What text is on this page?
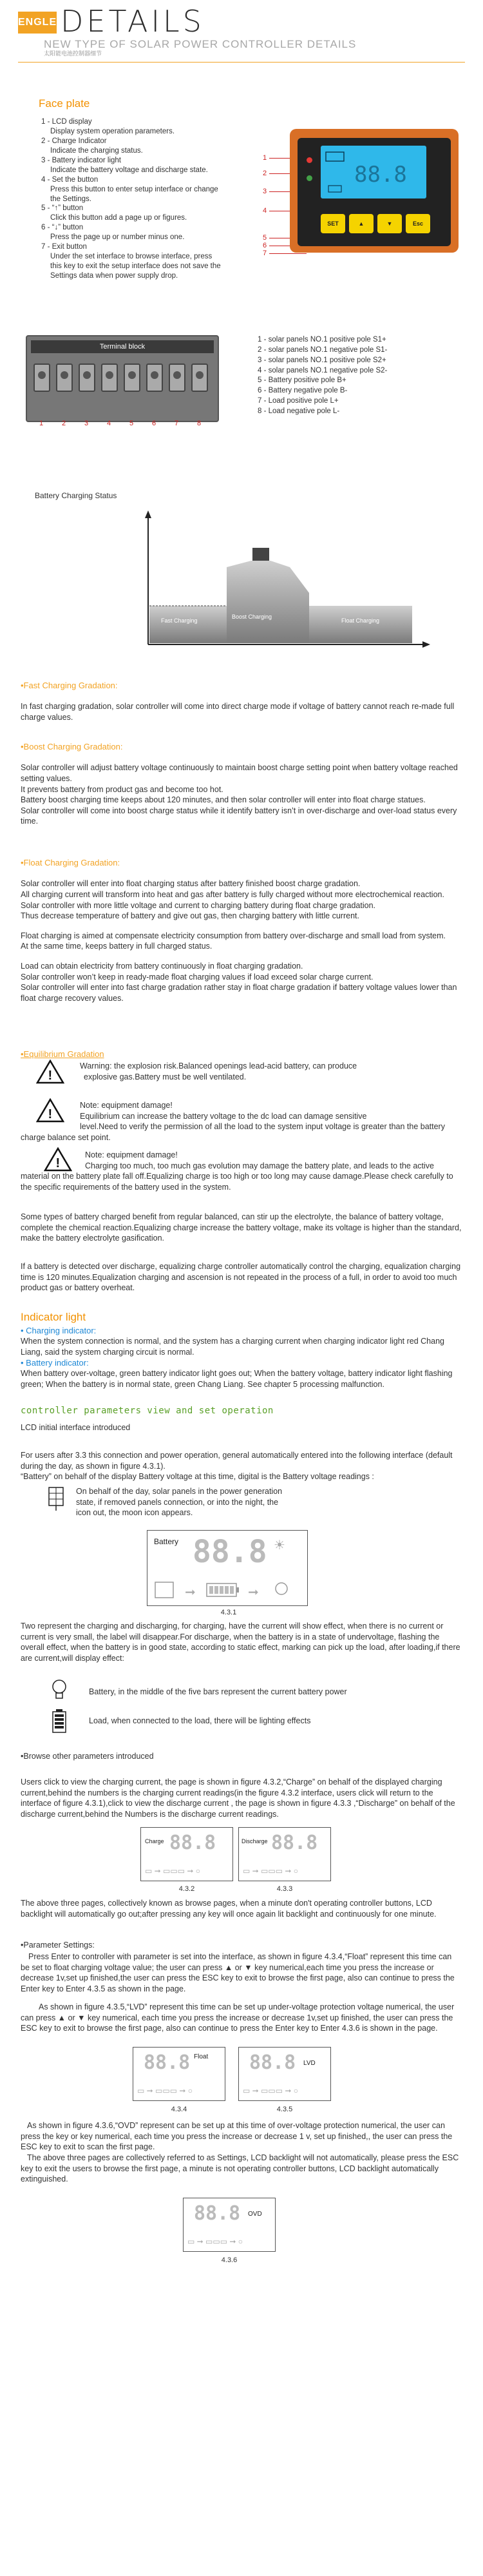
ENGLE DETAILS
NEW TYPE OF SOLAR POWER CONTROLLER DETAILS
太阳能电池控制器细节
Face plate

1 - LCD display

Display system operation parameters.

2 - Charge Indicator

Indicate the charging status.

3 - Battery indicator light

Indicate the battery voltage and discharge state.

4 - Set the button

Press this button to enter setup interface or change

the Settings.

5 - “↑” button

Click this button add a page up or figures.

6 - “↓” button

Press the page up or number minus one.

7 - Exit button

Under the set interface to browse interface, press

this key to exit the setup interface does not save the

Settings data when power supply drop.

1
2
3
4
5
6
7
88.8
SET	▲	▼	Esc
Terminal block
1	2	3	4	5	6	7	8

1 - solar panels NO.1 positive pole S1+

2 - solar panels NO.1 negative pole S1-

3 - solar panels NO.1 positive pole S2+

4 - solar panels NO.1 negative pole S2-

5 - Battery positive pole B+

6 - Battery negative pole B-

7 - Load positive pole L+

8 - Load negative pole L-

Battery Charging Status
Fast Charging
Boost Charging
Float Charging

•Fast Charging Gradation:

In fast charging gradation, solar controller will come into direct charge mode if voltage of battery cannot reach re-made full charge values.

•Boost Charging Gradation:

Solar controller will adjust battery voltage continuously to maintain boost charge setting point when battery voltage reached setting values.

It prevents battery from product gas and become too hot.

Battery boost charging time keeps about 120 minutes, and then solar controller will enter into float charge statues.

Solar controller will come into boost charge status while it identify battery isn’t in over-discharge and over-load status every time.

•Float Charging Gradation:

Solar controller will enter into float charging status after battery finished boost charge gradation.

All charging current will transform into heat and gas after battery is fully charged without more electrochemical reaction.

Solar controller with more little voltage and current to charging battery during float charge gradation.

Thus decrease temperature of battery and give out gas, then charging battery with little current.

Float charging is aimed at compensate electricity consumption from battery over-discharge and small load from system.

At the same time, keeps battery in full charged status.

Load can obtain electricity from battery continuously in float charging gradation.

Solar controller won’t keep in ready-made float charging values if load exceed solar charge current.

Solar controller will enter into fast charge gradation rather stay in float charge gradation if battery voltage values lower than float charge recovery values.

•Equilibrium Gradation

!

Warning: the explosion risk.Balanced openings lead-acid battery, can produce

explosive gas.Battery must be well ventilated.

!

Note: equipment damage!

Equilibrium can increase the battery voltage to the dc load can damage sensitive

level.Need to verify the permission of all the load to the system input voltage is greater than the battery charge balance set point.

!

Note: equipment damage!

Charging too much, too much gas evolution may damage the battery plate, and leads to the active material on the battery plate fall off.Equalizing charge is too high or too long may cause damage.Please check carefully to the specific requirements of the battery used in the system.

Some types of battery charged benefit from regular balanced, can stir up the electrolyte, the balance of battery voltage, complete the chemical reaction.Equalizing charge increase the battery voltage, make its voltage is higher than the standard, make the battery electrolyte gasification.
If a battery is detected over discharge, equalizing charge controller automatically control the charging, equalization charging time is 120 minutes.Equalization charging and ascension is not repeated in the process of a full, in order to avoid too much product gas or battery overheat.

Indicator light

• Charging indicator:

When the system connection is normal, and the system has a charging current when charging indicator light red Chang Liang, said the system charging circuit is normal.

• Battery indicator:

When battery over-voltage, green battery indicator light goes out; When the battery voltage, battery indicator light flashing green; When the battery is in normal state, green Chang Liang. See chapter 5 processing malfunction.

controller parameters view and set operation
LCD initial interface introduced

For users after 3.3 this connection and power operation, general automatically entered into the following interface (default during the day, as shown in figure 4.3.1).

“Battery” on behalf of the display Battery voltage at this time, digital is the Battery voltage readings :

On behalf of the day, solar panels in the power generation

state, if removed panels connection, or into the night, the

icon out, the moon icon appears.

Battery 88.8 ☀
➞	➞
4.3.1
Two represent the charging and discharging, for charging, have the current will show effect, when there is no current or current is very small, the label will disappear.For discharge, when the battery is in a state of undervoltage, flashing the overall effect, when the battery is in good state, according to static effect, marking can pick up the load, after loading,if there are current,will display effect:
Battery, in the middle of the five bars represent the current battery power
Load, when connected to the load, there will be lighting effects
•Browse other parameters introduced
Users click to view the charging current, the page is shown in figure 4.3.2,“Charge” on behalf of the displayed charging current,behind the numbers is the charging current readings(in the figure 4.3.2 interface, users click will return to the interface of figure 4.3.1),click to view the discharge current , the page is shown in figure 4.3.3 ,“Discharge” on behalf of the discharge current,behind the Numbers is the discharge current readings.
Charge 88.8
▭ ➞ ▭▭▭ ➞ ○
Discharge 88.8
▭ ➞ ▭▭▭ ➞ ○
4.3.2	4.3.3
The above three pages, collectively known as browse pages, when a minute don't operating controller buttons, LCD backlight will automatically go out;after pressing any key will once again lit backlight and continuously for one minute.
•Parameter Settings:
Press Enter to controller with parameter is set into the interface, as shown in figure 4.3.4,“Float” represent this time can be set to float charging voltage value; the user can press ▲ or ▼ key numerical,each time you press the increase or decrease 1v,set up finished,the user can press the ESC key to exit to browse the first page, also can continue to press the Enter key to Enter 4.3.5 as shown in the page.
As shown in figure 4.3.5,“LVD” represent this time can be set up under-voltage protection voltage numerical, the user can press ▲ or ▼ key numerical, each time you press the increase or decrease 1v,set up finished, the user can press the ESC key to exit to browse the first page, also can continue to press the Enter key to Enter 4.3.6 is shown in the page.
88.8 Float
▭ ➞ ▭▭▭ ➞ ○
88.8 LVD
▭ ➞ ▭▭▭ ➞ ○
4.3.4	4.3.5
As shown in figure 4.3.6,“OVD” represent can be set up at this time of over-voltage protection numerical, the user can press the key or key numerical, each time you press the increase or decrease 1 v, set up finished,, the user can press the ESC key to exit to scan the first page.
The above three pages are collectively referred to as Settings, LCD backlight will not automatically, please press the ESC key to exit the users to browse the first page, a minute is not operating controller buttons, LCD backlight automatically extinguished.
88.8 OVD
▭ ➞ ▭▭▭ ➞ ○
4.3.6
